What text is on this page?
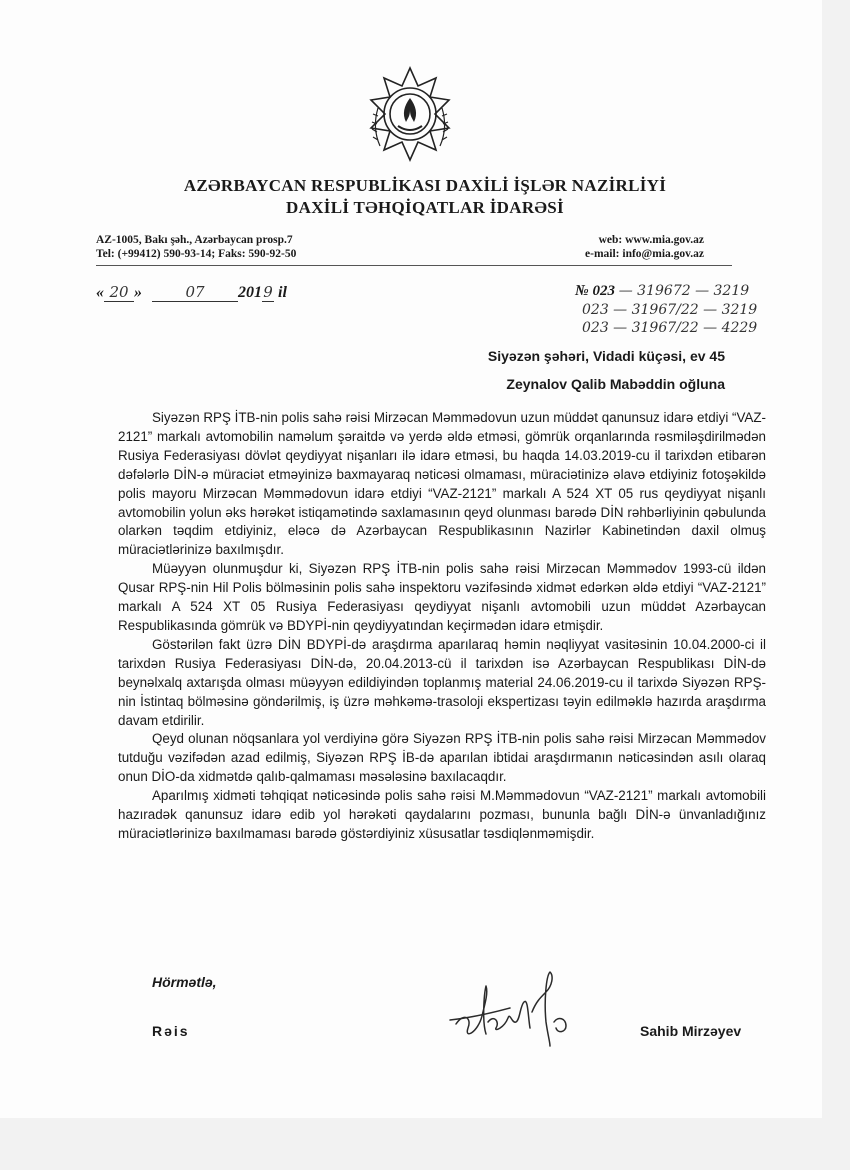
AZƏRBAYCAN RESPUBLİKASI DAXİLİ İŞLƏR NAZİRLİYİ
DAXİLİ TƏHQİQATLAR İDARƏSİ
AZ-1005, Bakı şəh., Azərbaycan prosp.7
Tel: (+99412) 590-93-14; Faks: 590-92-50
web: www.mia.gov.az
e-mail: info@mia.gov.az
« 20 »	07 2019 il	№ 023 — 319672 — 3219
023 — 31967/22 — 3219
023 — 31967/22 — 4229
Siyəzən şəhəri, Vidadi küçəsi, ev 45
Zeynalov Qalib Mabəddin oğluna

Siyəzən RPŞ İTB-nin polis sahə rəisi Mirzəcan Məmmədovun uzun müddət qanunsuz idarə etdiyi “VAZ-2121” markalı avtomobilin naməlum şəraitdə və yerdə əldə etməsi, gömrük orqanlarında rəsmiləşdirilmədən Rusiya Federasiyası dövlət qeydiyyat nişanları ilə idarə etməsi, bu haqda 14.03.2019-cu il tarixdən etibarən dəfələrlə DİN-ə müraciət etməyinizə baxmayaraq nəticəsi olmaması, müraciətinizə əlavə etdiyiniz fotoşəkildə polis mayoru Mirzəcan Məmmədovun idarə etdiyi “VAZ-2121” markalı A 524 XT 05 rus qeydiyyat nişanlı avtomobilin yolun əks hərəkət istiqamətində saxlamasının qeyd olunması barədə DİN rəhbərliyinin qəbulunda olarkən təqdim etdiyiniz, eləcə də Azərbaycan Respublikasının Nazirlər Kabinetindən daxil olmuş müraciətlərinizə baxılmışdır.

Müəyyən olunmuşdur ki, Siyəzən RPŞ İTB-nin polis sahə rəisi Mirzəcan Məmmədov 1993-cü ildən Qusar RPŞ-nin Hil Polis bölməsinin polis sahə inspektoru vəzifəsində xidmət edərkən əldə etdiyi “VAZ-2121” markalı A 524 XT 05 Rusiya Federasiyası qeydiyyat nişanlı avtomobili uzun müddət Azərbaycan Respublikasında gömrük və BDYPİ-nin qeydiyyatından keçirmədən idarə etmişdir.

Göstərilən fakt üzrə DİN BDYPİ-də araşdırma aparılaraq həmin nəqliyyat vasitəsinin 10.04.2000-ci il tarixdən Rusiya Federasiyası DİN-də, 20.04.2013-cü il tarixdən isə Azərbaycan Respublikası DİN-də beynəlxalq axtarışda olması müəyyən edildiyindən toplanmış material 24.06.2019-cu il tarixdə Siyəzən RPŞ-nin İstintaq bölməsinə göndərilmiş, iş üzrə məhkəmə-trasoloji ekspertizası təyin edilməklə hazırda araşdırma davam etdirilir.

Qeyd olunan nöqsanlara yol verdiyinə görə Siyəzən RPŞ İTB-nin polis sahə rəisi Mirzəcan Məmmədov tutduğu vəzifədən azad edilmiş, Siyəzən RPŞ İB-də aparılan ibtidai araşdırmanın nəticəsindən asılı olaraq onun DİO-da xidmətdə qalıb-qalmaması məsələsinə baxılacaqdır.

Aparılmış xidməti təhqiqat nəticəsində polis sahə rəisi M.Məmmədovun “VAZ-2121” markalı avtomobili hazıradək qanunsuz idarə edib yol hərəkəti qaydalarını pozması, bununla bağlı DİN-ə ünvanladığınız müraciətlərinizə baxılmaması barədə göstərdiyiniz xüsusatlar təsdiqlənməmişdir.

Hörmətlə,
Rəis	Sahib Mirzəyev
